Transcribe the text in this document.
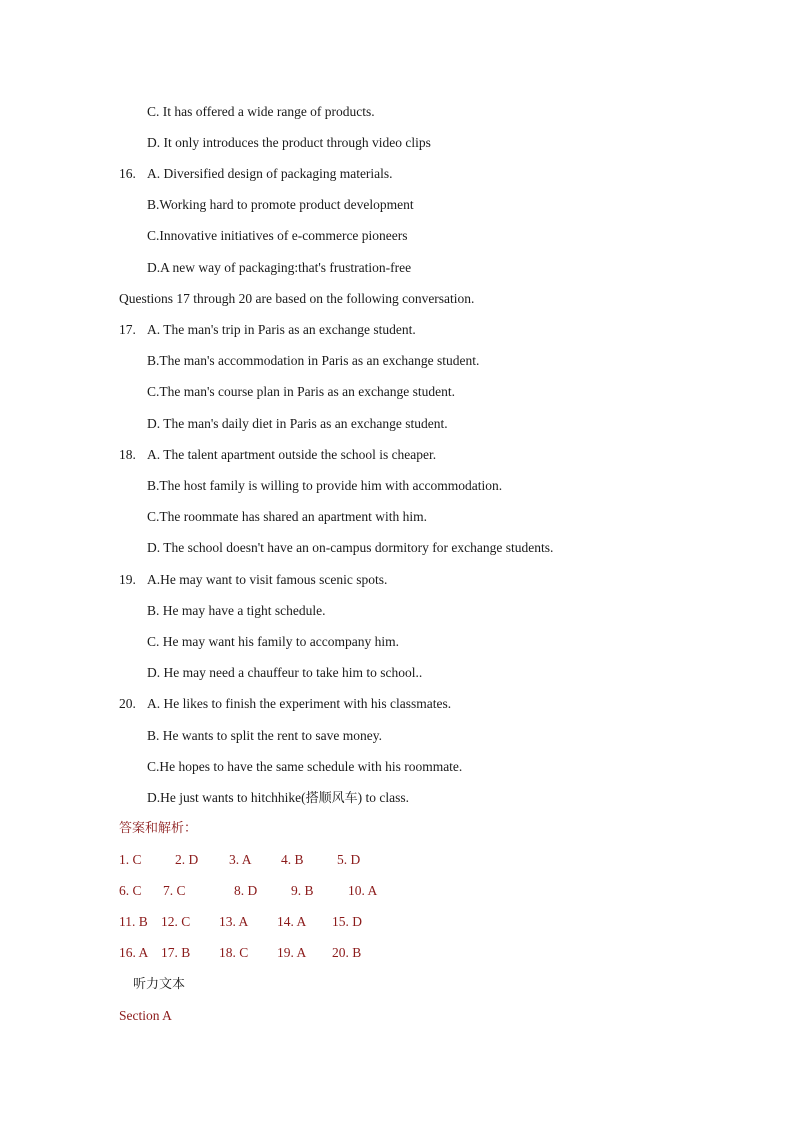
C. It has offered a wide range of products.
D. It only introduces the product through video clips
16. A. Diversified design of packaging materials.
B.Working hard to promote product development
C.Innovative initiatives of e-commerce pioneers
D.A new way of packaging:that's frustration-free
Questions 17 through 20 are based on the following conversation.
17. A. The man's trip in Paris as an exchange student.
B.The man's accommodation in Paris as an exchange student.
C.The man's course plan in Paris as an exchange student.
D. The man's daily diet in Paris as an exchange student.
18. A. The talent apartment outside the school is cheaper.
B.The host family is willing to provide him with accommodation.
C.The roommate has shared an apartment with him.
D. The school doesn't have an on-campus dormitory for exchange students.
19. A.He may want to visit famous scenic spots.
B. He may have a tight schedule.
C. He may want his family to accompany him.
D. He may need a chauffeur to take him to school..
20. A. He likes to finish the experiment with his classmates.
B. He wants to split the rent to save money.
C.He hopes to have the same schedule with his roommate.
D.He just wants to hitchhike(搭顺风车) to class.
答案和解析：
1. C 2. D 3. A 4. B 5. D
6. C 7. C	8. D	9. B	10. A
11. B 12. C 13. A 14. A 15. D
16. A 17. B 18. C 19. A 20. B
听力文本
Section A
